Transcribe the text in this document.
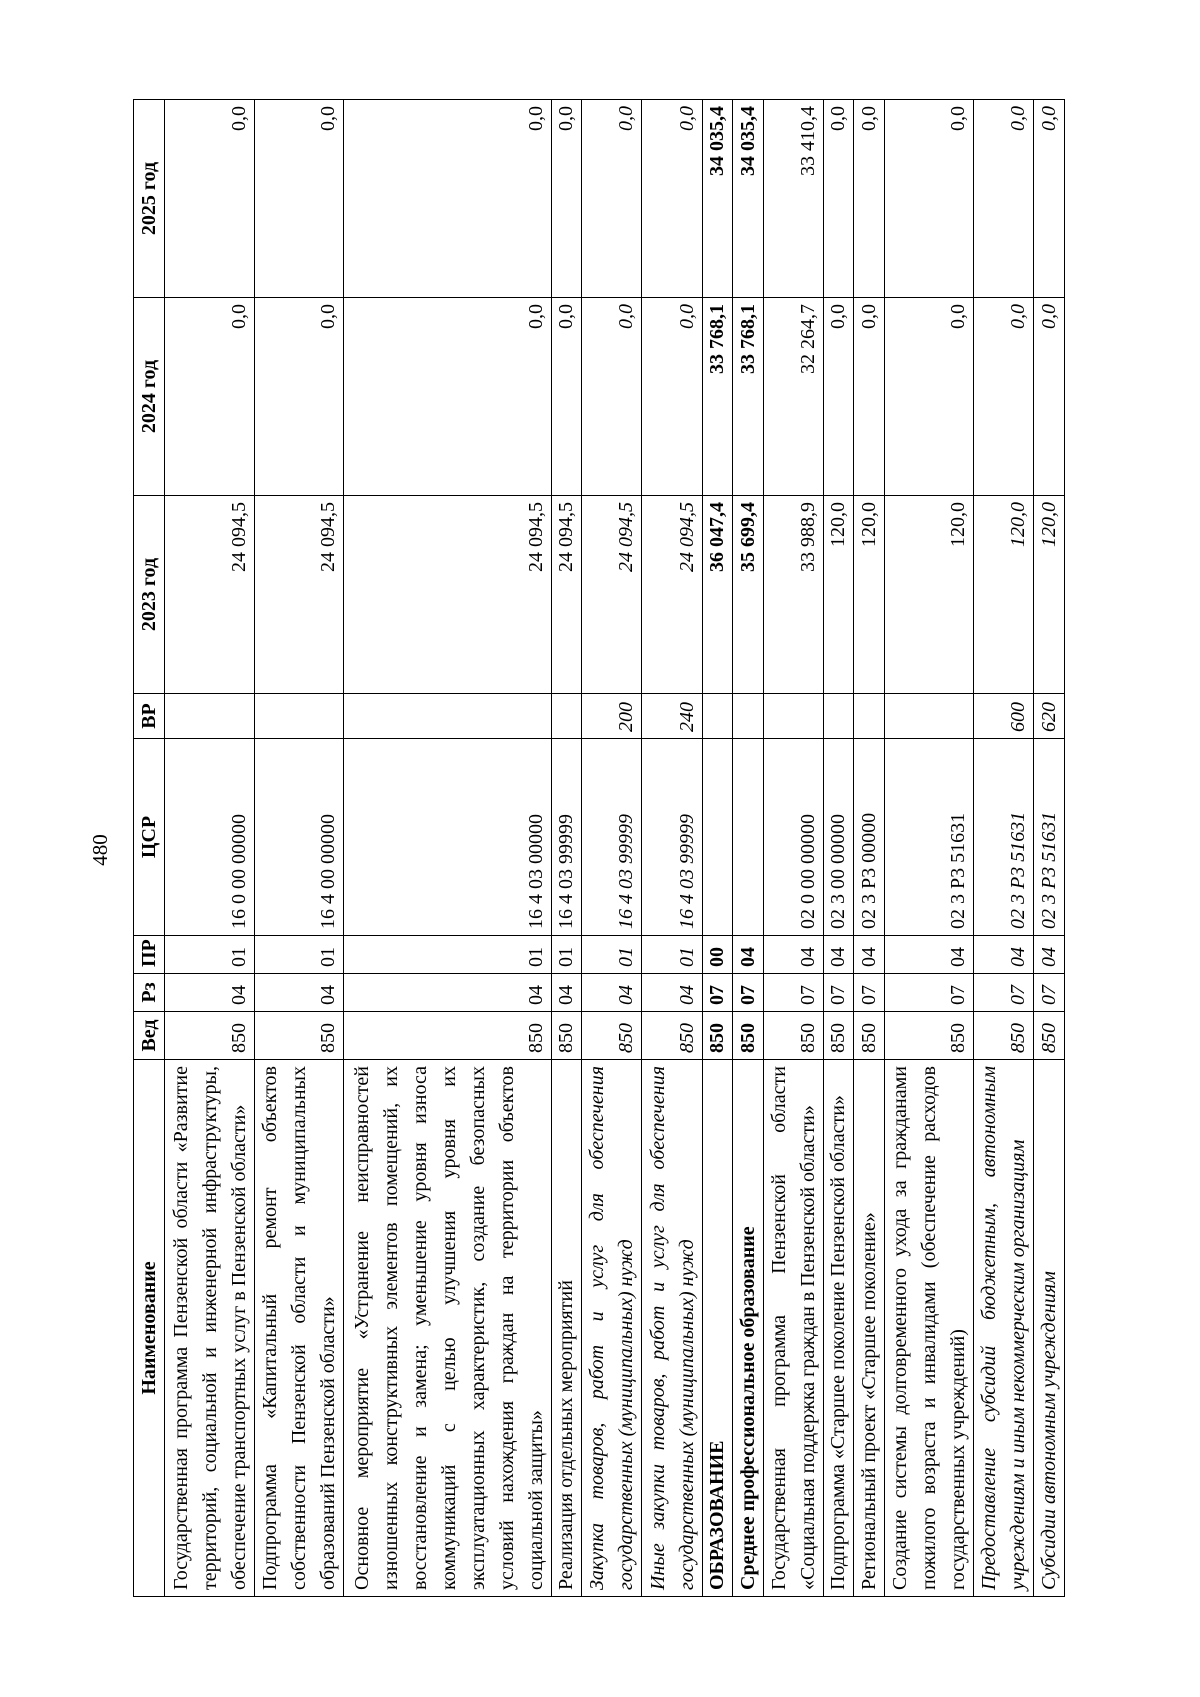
480
Наименование	Вед	Рз	ПР	ЦСР	ВР	2023 год	2024 год	2025 год
Государственная программа Пензенской области «Развитие территорий, социальной и инженерной инфраструктуры, обеспечение транспортных услуг в Пензенской области»	850	04	01	16 0 00 00000		24 094,5	0,0	0,0
Подпрограмма «Капитальный ремонт объектов собственности Пензенской области и муниципальных образований Пензенской области»	850	04	01	16 4 00 00000		24 094,5	0,0	0,0
Основное мероприятие «Устранение неисправностей изношенных конструктивных элементов помещений, их восстановление и замена; уменьшение уровня износа коммуникаций с целью улучшения уровня их эксплуатационных характеристик, создание безопасных условий нахождения граждан на территории объектов социальной защиты»	850	04	01	16 4 03 00000		24 094,5	0,0	0,0
Реализация отдельных мероприятий	850	04	01	16 4 03 99999		24 094,5	0,0	0,0
Закупка товаров, работ и услуг для обеспечения государственных (муниципальных) нужд	850	04	01	16 4 03 99999	200	24 094,5	0,0	0,0
Иные закупки товаров, работ и услуг для обеспечения государственных (муниципальных) нужд	850	04	01	16 4 03 99999	240	24 094,5	0,0	0,0
ОБРАЗОВАНИЕ	850	07	00			36 047,4	33 768,1	34 035,4
Среднее профессиональное образование	850	07	04			35 699,4	33 768,1	34 035,4
Государственная программа Пензенской области «Социальная поддержка граждан в Пензенской области»	850	07	04	02 0 00 00000		33 988,9	32 264,7	33 410,4
Подпрограмма «Старшее поколение Пензенской области»	850	07	04	02 3 00 00000		120,0	0,0	0,0
Региональный проект «Старшее поколение»	850	07	04	02 3 P3 00000		120,0	0,0	0,0
Создание системы долговременного ухода за гражданами пожилого возраста и инвалидами (обеспечение расходов государственных учреждений)	850	07	04	02 3 P3 51631		120,0	0,0	0,0
Предоставление субсидий бюджетным, автономным учреждениям и иным некоммерческим организациям	850	07	04	02 3 P3 51631	600	120,0	0,0	0,0
Субсидии автономным учреждениям	850	07	04	02 3 P3 51631	620	120,0	0,0	0,0
